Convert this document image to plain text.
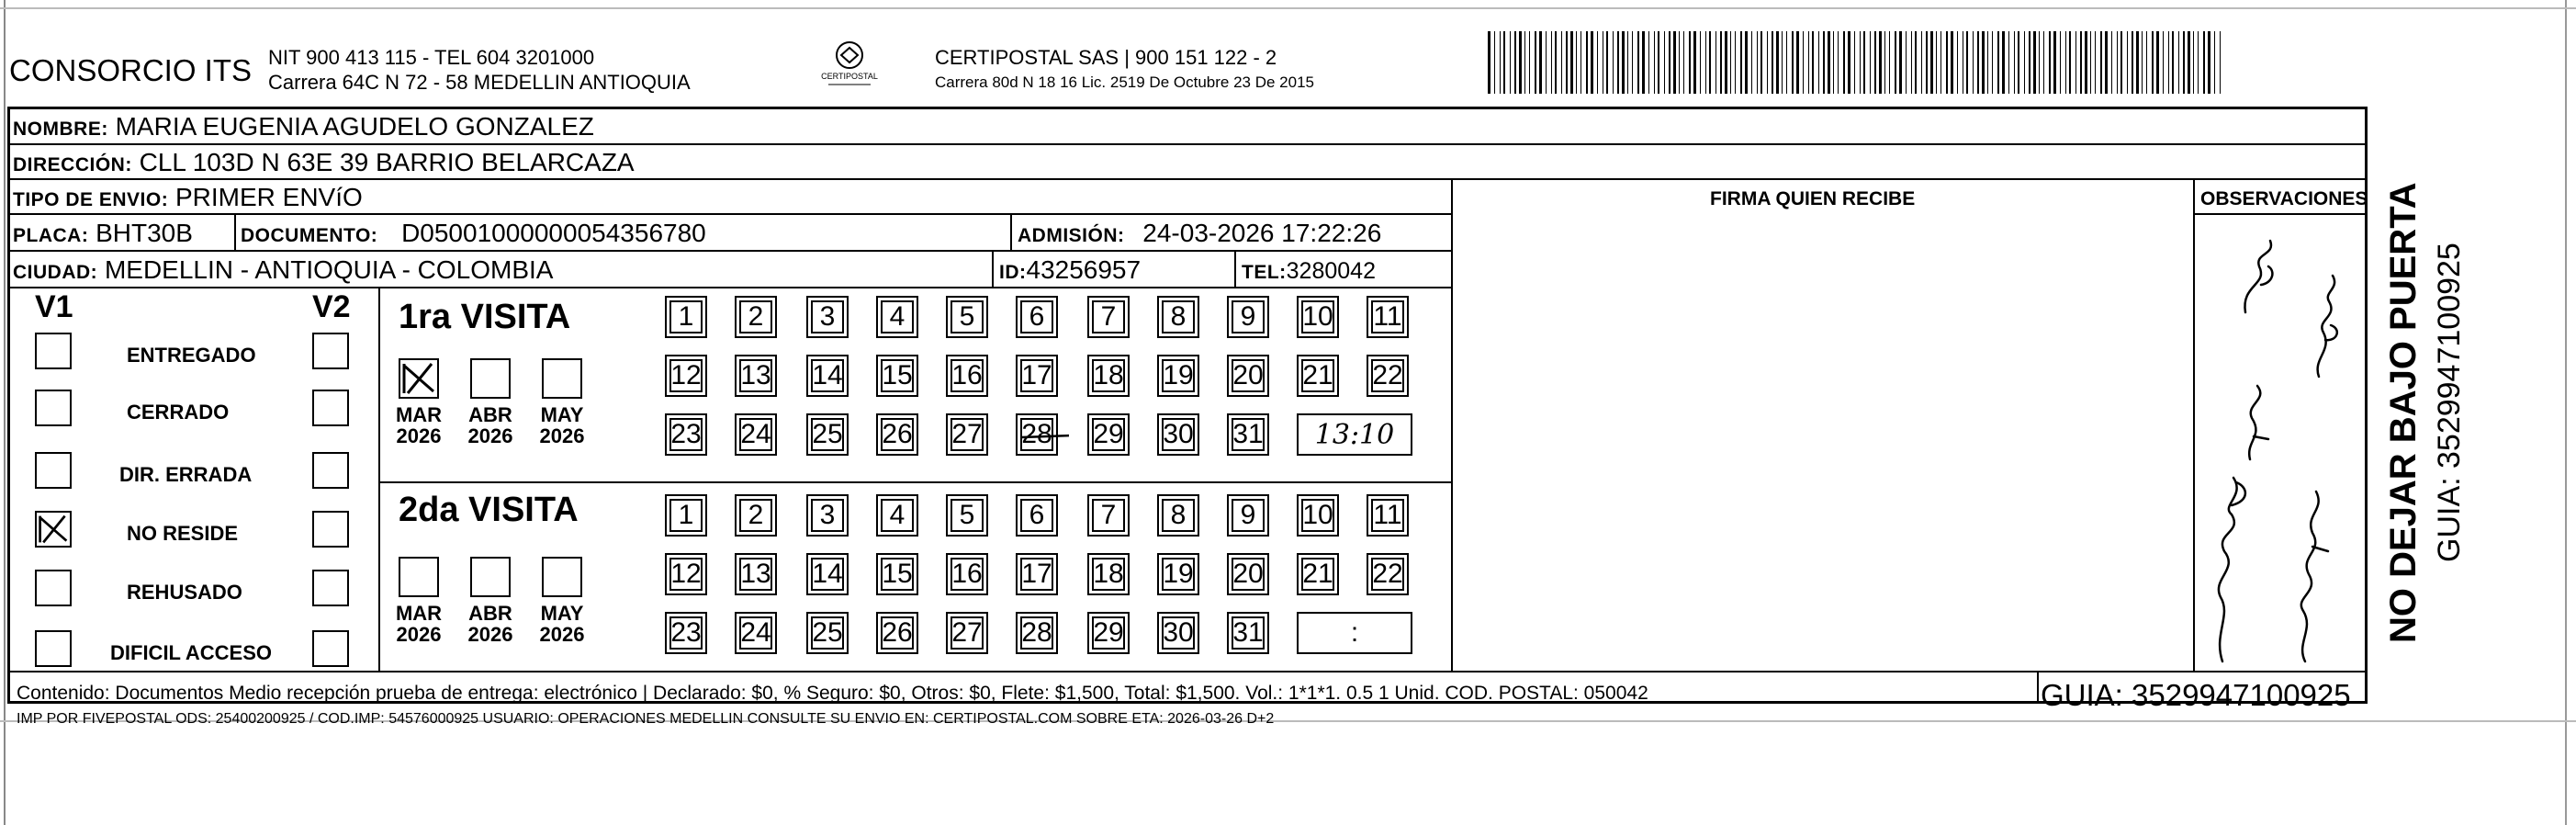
CONSORCIO ITS NIT 900 413 115 - TEL 604 3201000
Carrera 64C N 72 - 58 MEDELLIN ANTIOQUIA	CERTIPOSTAL
CERTIPOSTAL SAS | 900 151 122 - 2
Carrera 80d N 18 16 Lic. 2519 De Octubre 23 De 2015
NOMBRE: MARIA EUGENIA AGUDELO GONZALEZ
DIRECCIÓN: CLL 103D N 63E 39 BARRIO BELARCAZA
TIPO DE ENVIO: PRIMER ENVíO
PLACA: BHT30B DOCUMENTO: D05001000000054356780	ADMISIÓN: 24-03-2026 17:22:26
CIUDAD: MEDELLIN - ANTIOQUIA - COLOMBIA	ID:43256957	TEL:3280042
FIRMA QUIEN RECIBE	OBSERVACIONES
V1	V2
ENTREGADO
CERRADO
DIR. ERRADA
NO RESIDE
REHUSADO
DIFICIL ACCESO
1ra VISITA
2da VISITA
MAR
2026
ABR
2026
MAY
2026
1 2 3 4 5 6 7 8 9 10 11
12 13 14 15 16 17 18 19 20 21 22
23 24 25 26 27 28 29 30 31	13:10
MAR
2026
ABR
2026
MAY
2026
1 2 3 4 5 6 7 8 9 10 11
12 13 14 15 16 17 18 19 20 21 22
23 24 25 26 27 28 29 30 31	:
Contenido: Documentos Medio recepción prueba de entrega: electrónico | Declarado: $0, % Seguro: $0, Otros: $0, Flete: $1,500, Total: $1,500. Vol.: 1*1*1. 0.5 1 Unid. COD. POSTAL: 050042
IMP POR FIVEPOSTAL ODS: 25400200925 / COD.IMP: 54576000925 USUARIO: OPERACIONES MEDELLIN CONSULTE SU ENVIO EN: CERTIPOSTAL.COM SOBRE ETA: 2026-03-26 D+2
GUIA: 3529947100925
NO DEJAR BAJO PUERTA GUIA: 3529947100925
